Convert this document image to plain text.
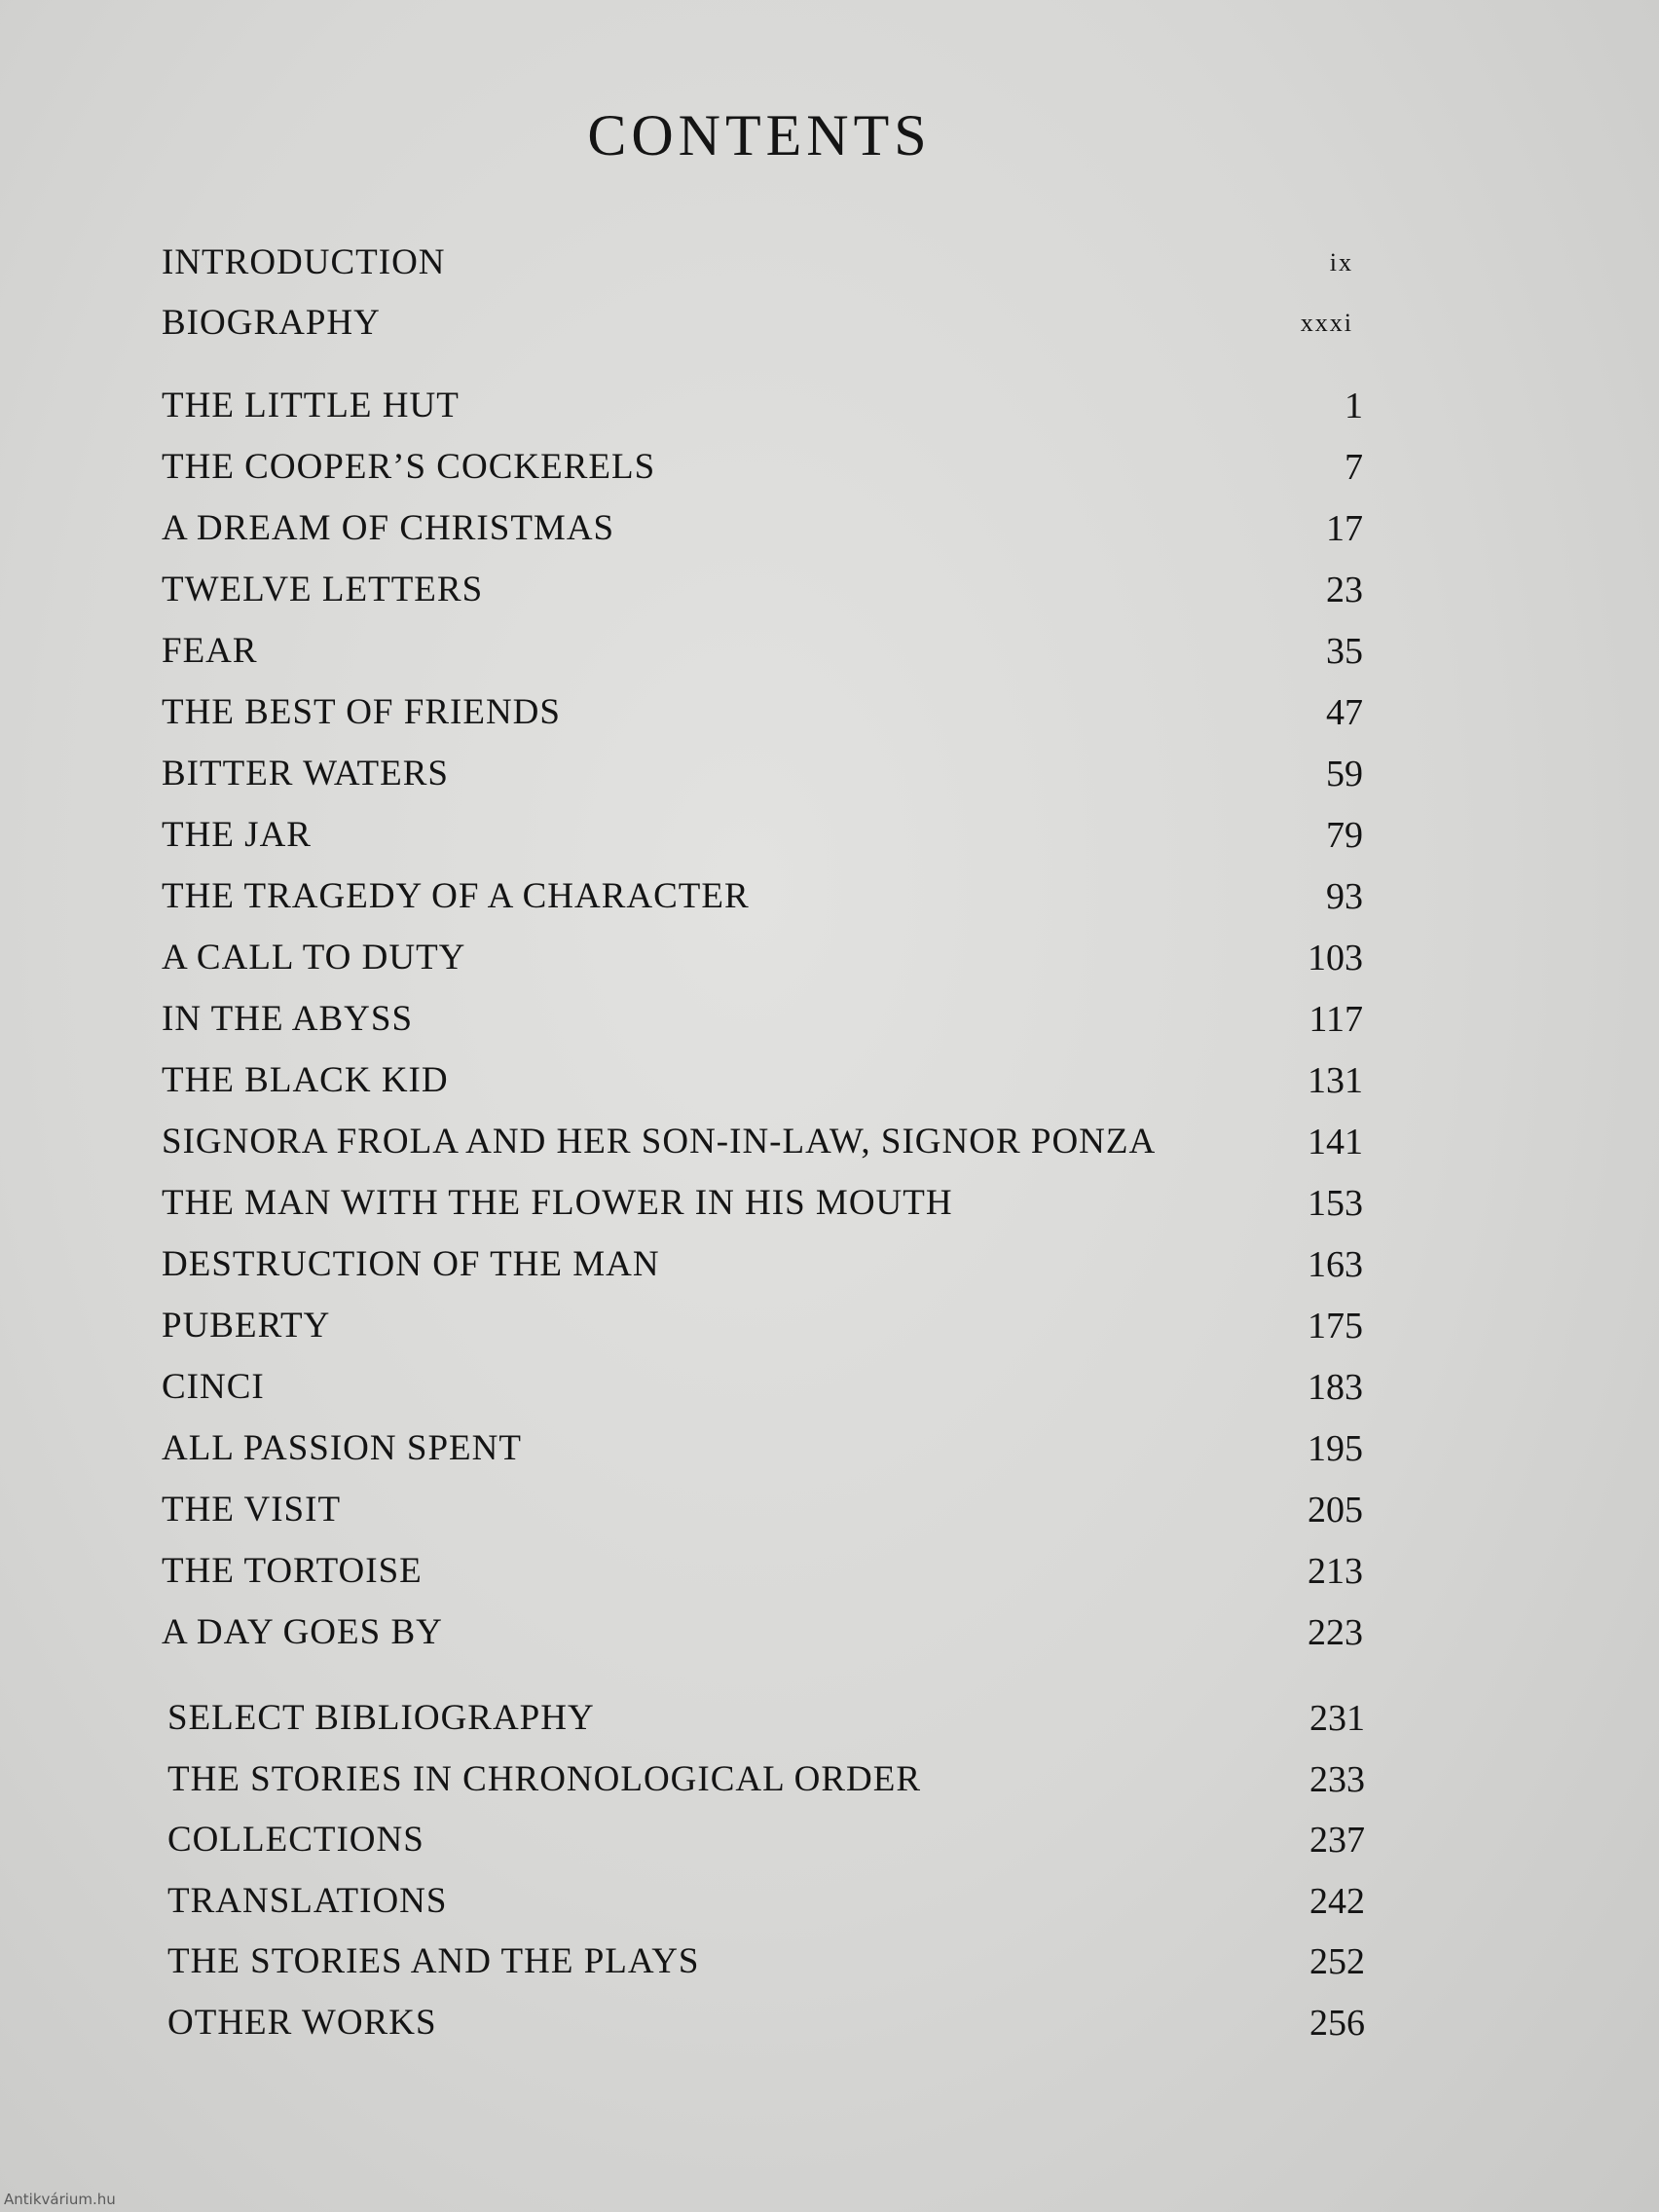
CONTENTS
INTRODUCTION	ix
BIOGRAPHY	xxxi
THE LITTLE HUT	1
THE COOPER’S COCKERELS	7
A DREAM OF CHRISTMAS	17
TWELVE LETTERS	23
FEAR	35
THE BEST OF FRIENDS	47
BITTER WATERS	59
THE JAR	79
THE TRAGEDY OF A CHARACTER	93
A CALL TO DUTY	103
IN THE ABYSS	117
THE BLACK KID	131
SIGNORA FROLA AND HER SON-IN-LAW, SIGNOR PONZA	141
THE MAN WITH THE FLOWER IN HIS MOUTH	153
DESTRUCTION OF THE MAN	163
PUBERTY	175
CINCI	183
ALL PASSION SPENT	195
THE VISIT	205
THE TORTOISE	213
A DAY GOES BY	223
SELECT BIBLIOGRAPHY	231
THE STORIES IN CHRONOLOGICAL ORDER	233
COLLECTIONS	237
TRANSLATIONS	242
THE STORIES AND THE PLAYS	252
OTHER WORKS	256
Antikvárium.hu
